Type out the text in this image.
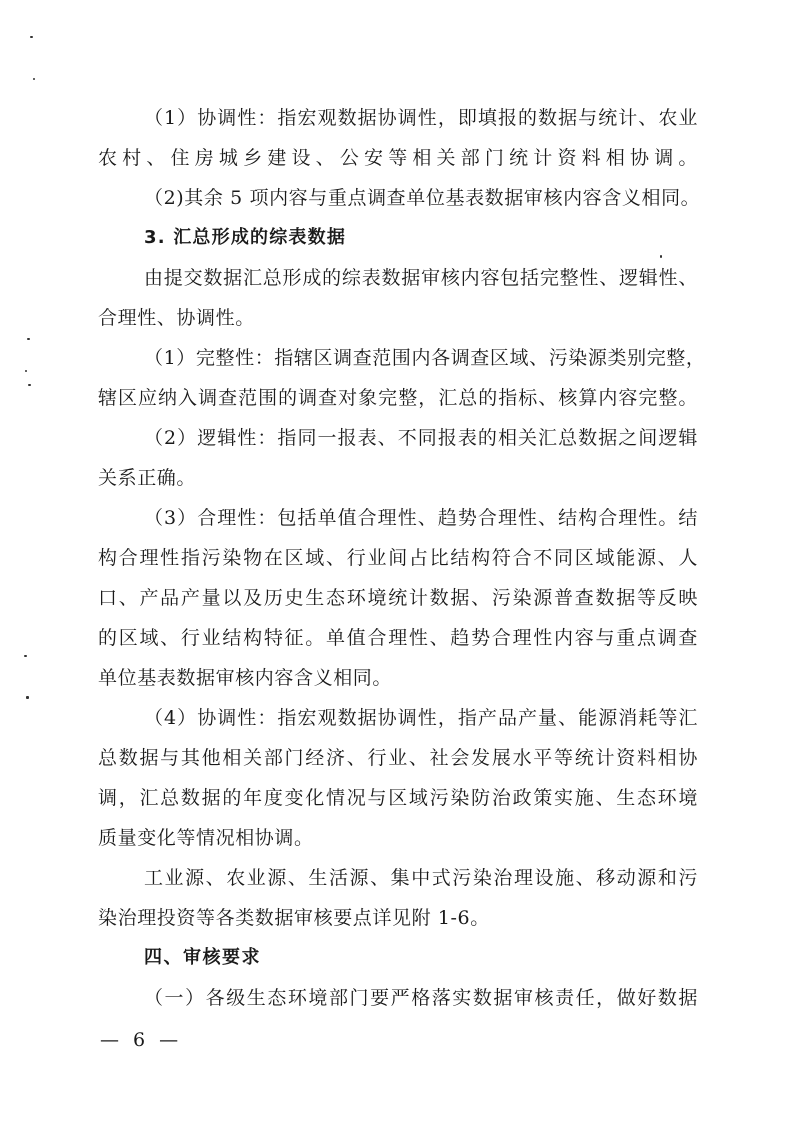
（1）协调性：指宏观数据协调性，即填报的数据与统计、农业
农村、住房城乡建设、公安等相关部门统计资料相协调。
（2)其余 5 项内容与重点调查单位基表数据审核内容含义相同。
3. 汇总形成的综表数据
由提交数据汇总形成的综表数据审核内容包括完整性、逻辑性、
合理性、协调性。
（1）完整性：指辖区调查范围内各调查区域、污染源类别完整，
辖区应纳入调查范围的调查对象完整，汇总的指标、核算内容完整。
（2）逻辑性：指同一报表、不同报表的相关汇总数据之间逻辑
关系正确。
（3）合理性：包括单值合理性、趋势合理性、结构合理性。结
构合理性指污染物在区域、行业间占比结构符合不同区域能源、人
口、产品产量以及历史生态环境统计数据、污染源普查数据等反映
的区域、行业结构特征。单值合理性、趋势合理性内容与重点调查
单位基表数据审核内容含义相同。
（4）协调性：指宏观数据协调性，指产品产量、能源消耗等汇
总数据与其他相关部门经济、行业、社会发展水平等统计资料相协
调，汇总数据的年度变化情况与区域污染防治政策实施、生态环境
质量变化等情况相协调。
工业源、农业源、生活源、集中式污染治理设施、移动源和污
染治理投资等各类数据审核要点详见附 1-6。
四、审核要求
（一）各级生态环境部门要严格落实数据审核责任，做好数据
— 6 —
